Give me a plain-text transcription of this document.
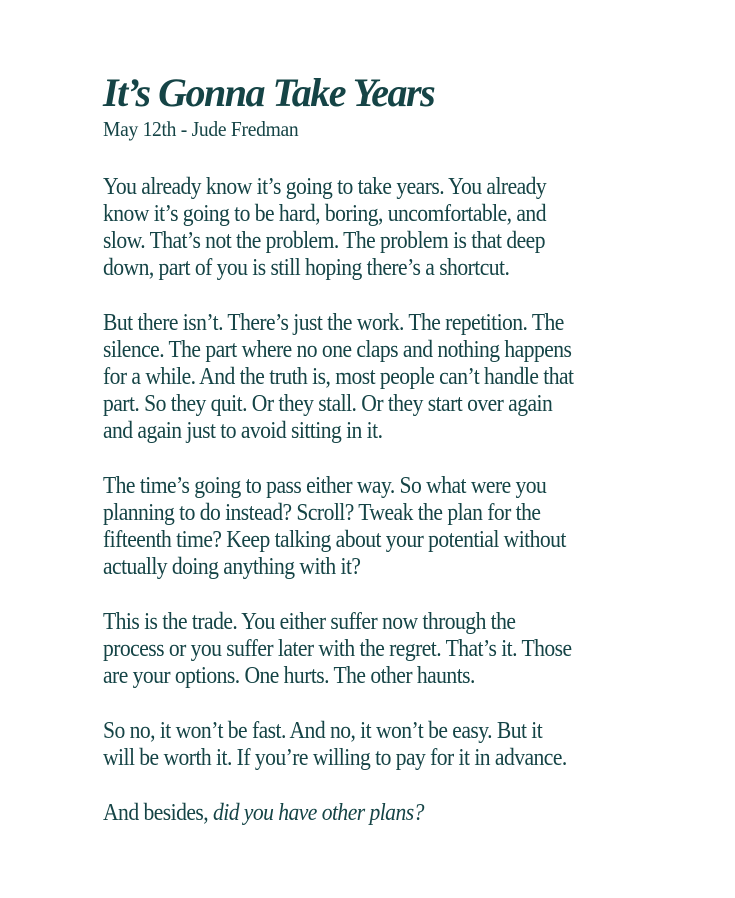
It’s Gonna Take Years
May 12th - Jude Fredman

You already know it’s going to take years. You already
know it’s going to be hard, boring, uncomfortable, and
slow. That’s not the problem. The problem is that deep
down, part of you is still hoping there’s a shortcut.

But there isn’t. There’s just the work. The repetition. The
silence. The part where no one claps and nothing happens
for a while. And the truth is, most people can’t handle that
part. So they quit. Or they stall. Or they start over again
and again just to avoid sitting in it.

The time’s going to pass either way. So what were you
planning to do instead? Scroll? Tweak the plan for the
fifteenth time? Keep talking about your potential without
actually doing anything with it?

This is the trade. You either suffer now through the
process or you suffer later with the regret. That’s it. Those
are your options. One hurts. The other haunts.

So no, it won’t be fast. And no, it won’t be easy. But it
will be worth it. If you’re willing to pay for it in advance.

And besides, did you have other plans?
